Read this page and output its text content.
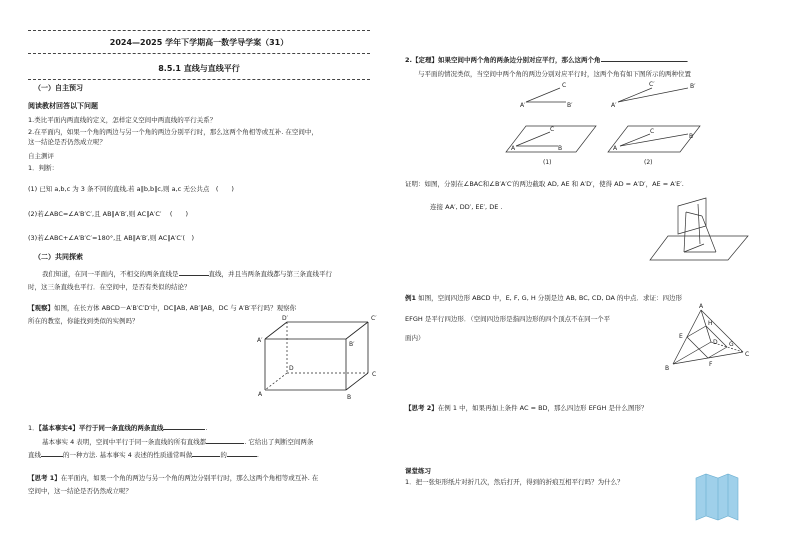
2024—2025 学年下学期高一数学导学案（31）
8.5.1 直线与直线平行
（一）自主预习
阅读教材回答以下问题
1.类比平面内两直线的定义，怎样定义空间中两直线的平行关系？
2.在平面内，如果一个角的两边与另一个角的两边分别平行时，那么这两个角相等或互补. 在空间中，
这一结论是否仍然成立呢？
自主测评
1．判断：
(1) 已知 a,b,c 为 3 条不同的直线,若 a∥b,b∥c,则 a,c 无公共点　(　　)
(2)若∠ABC=∠A′B′C′,且 AB∥A′B′,则 AC∥A′C′　 (　　)
(3)若∠ABC+∠A′B′C′=180°,且 AB∥A′B′,则 AC∥A′C′(　)
（二）共同探索
我们知道，在同一平面内，不相交的两条直线是	直线，并且当两条直线都与第三条直线平行
时，这三条直线也平行．在空间中，是否有类似的结论？
【观察】如图，在长方体 ABCD－A′B′C′D′中，DC∥AB, AB′∥AB，DC 与 A′B′平行吗？观察你
所在的教室，你能找到类似的实例吗？	D′	C′
A′
B′
D
C
A	B
1．【基本事实4】平行于同一条直线的两条直线	.
基本事实 4 表明，空间中平行于同一条直线的所有直线都	. 它给出了判断空间两条
直线	的一种方法. 基本事实 4 表述的性质通常叫做	的	.
【思考 1】在平面内，如果一个角的两边与另一个角的两边分别平行时，那么这两个角相等或互补. 在
空间中，这一结论是否仍然成立呢？
2.【定理】如果空间中两个角的两条边分别对应平行，那么这两个角	.
与平面的情况类似，当空间中两个角的两边分别对应平行时，这两个角有如下图所示的两种位置
C
A′	B′
C′
A′
B′
C
A	B
C
A
B
(1)	(2)
证明：如图，分别在∠BAC和∠B′A′C′的两边截取 AD, AE 和 A′D′，使得 AD = A′D′，AE = A′E′.
连接 AA′, DD′, EE′, DE .
例1 如图，空间四边形 ABCD 中，E, F, G, H 分别是边 AB, BC, CD, DA 的中点．求证：四边形
EFGH 是平行四边形．（空间四边形是指四边形的四个顶点不在同一个平
面内）
A
H
E
D G
B
F
C
【思考 2】在例 1 中，如果再加上条件 AC = BD，那么四边形 EFGH 是什么图形？
课堂练习
1．把一张矩形纸片对折几次，然后打开，得到的折痕互相平行吗？为什么？
